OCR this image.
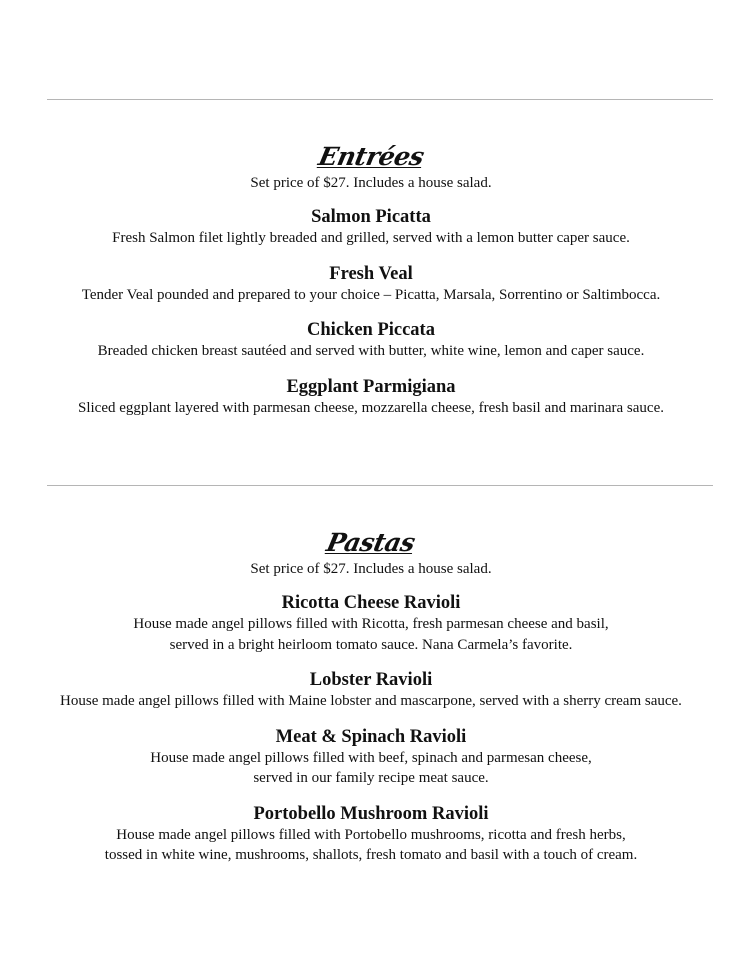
Entrées

Set price of $27. Includes a house salad.

Salmon Picatta

Fresh Salmon filet lightly breaded and grilled, served with a lemon butter caper sauce.

Fresh Veal

Tender Veal pounded and prepared to your choice – Picatta, Marsala, Sorrentino or Saltimbocca.

Chicken Piccata

Breaded chicken breast sautéed and served with butter, white wine, lemon and caper sauce.

Eggplant Parmigiana

Sliced eggplant layered with parmesan cheese, mozzarella cheese, fresh basil and marinara sauce.

Pastas

Set price of $27. Includes a house salad.

Ricotta Cheese Ravioli

House made angel pillows filled with Ricotta, fresh parmesan cheese and basil,
served in a bright heirloom tomato sauce. Nana Carmela’s favorite.

Lobster Ravioli

House made angel pillows filled with Maine lobster and mascarpone, served with a sherry cream sauce.

Meat & Spinach Ravioli

House made angel pillows filled with beef, spinach and parmesan cheese,
served in our family recipe meat sauce.

Portobello Mushroom Ravioli

House made angel pillows filled with Portobello mushrooms, ricotta and fresh herbs,
tossed in white wine, mushrooms, shallots, fresh tomato and basil with a touch of cream.
